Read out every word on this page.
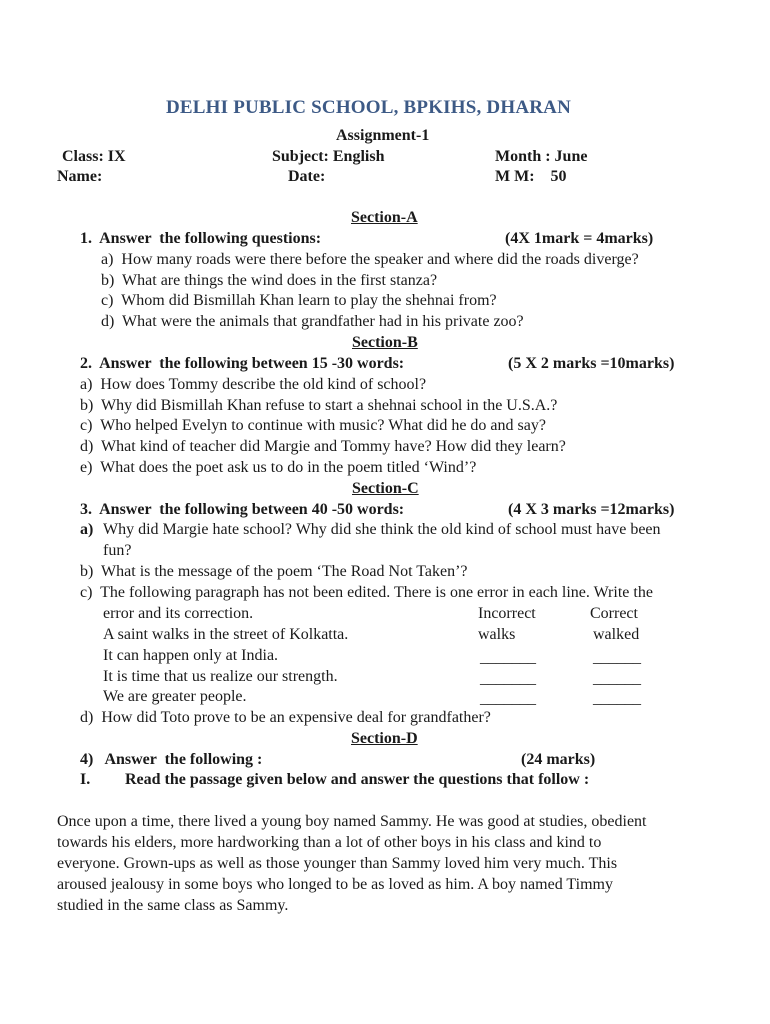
DELHI PUBLIC SCHOOL, BPKIHS, DHARAN
Assignment-1
Class: IX	Subject: English	Month : June
Name:	Date:	M M:    50
Section-A
1.  Answer  the following questions:	(4X 1mark = 4marks)
a)  How many roads were there before the speaker and where did the roads diverge?
b)  What are things the wind does in the first stanza?
c)  Whom did Bismillah Khan learn to play the shehnai from?
d)  What were the animals that grandfather had in his private zoo?
Section-B
2.  Answer  the following between 15 -30 words:	(5 X 2 marks =10marks)
a)  How does Tommy describe the old kind of school?
b)  Why did Bismillah Khan refuse to start a shehnai school in the U.S.A.?
c)  Who helped Evelyn to continue with music? What did he do and say?
d)  What kind of teacher did Margie and Tommy have? How did they learn?
e)  What does the poet ask us to do in the poem titled ‘Wind’?
Section-C
3.  Answer  the following between 40 -50 words:	(4 X 3 marks =12marks)
a) Why did Margie hate school? Why did she think the old kind of school must have been
fun?
b)  What is the message of the poem ‘The Road Not Taken’?
c)  The following paragraph has not been edited. There is one error in each line. Write the
error and its correction.	Incorrect	Correct
A saint walks in the street of Kolkatta.	walks	walked
It can happen only at India.	_______	______
It is time that us realize our strength.	_______	______
We are greater people.	_______	______
d)  How did Toto prove to be an expensive deal for grandfather?
Section-D
4)   Answer  the following :	(24 marks)
I. Read the passage given below and answer the questions that follow :
Once upon a time, there lived a young boy named Sammy. He was good at studies, obedient
towards his elders, more hardworking than a lot of other boys in his class and kind to
everyone. Grown-ups as well as those younger than Sammy loved him very much. This
aroused jealousy in some boys who longed to be as loved as him. A boy named Timmy
studied in the same class as Sammy.
